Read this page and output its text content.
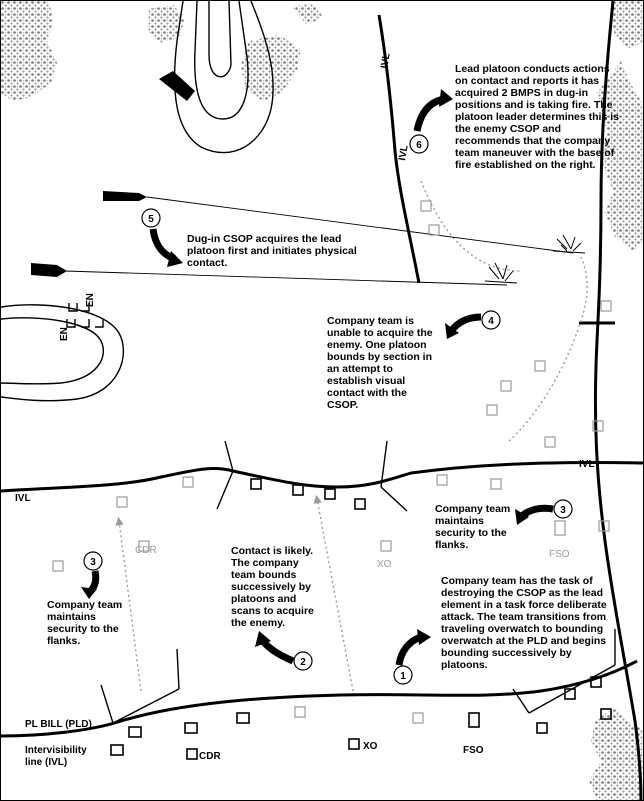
6
5
4
3
3
2
1
IVL
IVL
IVL
IVL
PL BILL (PLD)
Intervisibility
line (IVL)
EN
EN
CDR
XO	FSO
CDR
XO
FSO

Lead platoon conducts actions on contact and reports it has acquired 2 BMPS in dug-in positions and is taking fire. The platoon leader determines this is the enemy CSOP and recommends that the company team maneuver with the base of fire established on the right.

Dug-in CSOP acquires the lead platoon first and initiates physical contact.

Company team is unable to acquire the enemy. One platoon bounds by section in an attempt to establish visual contact with the CSOP.

Company team maintains security to the flanks.

Company team maintains security to the flanks.

Contact is likely. The company team bounds successively by platoons and scans to acquire the enemy.

Company team has the task of destroying the CSOP as the lead element in a task force deliberate attack. The team transitions from traveling overwatch to bounding overwatch at the PLD and begins bounding successively by platoons.
